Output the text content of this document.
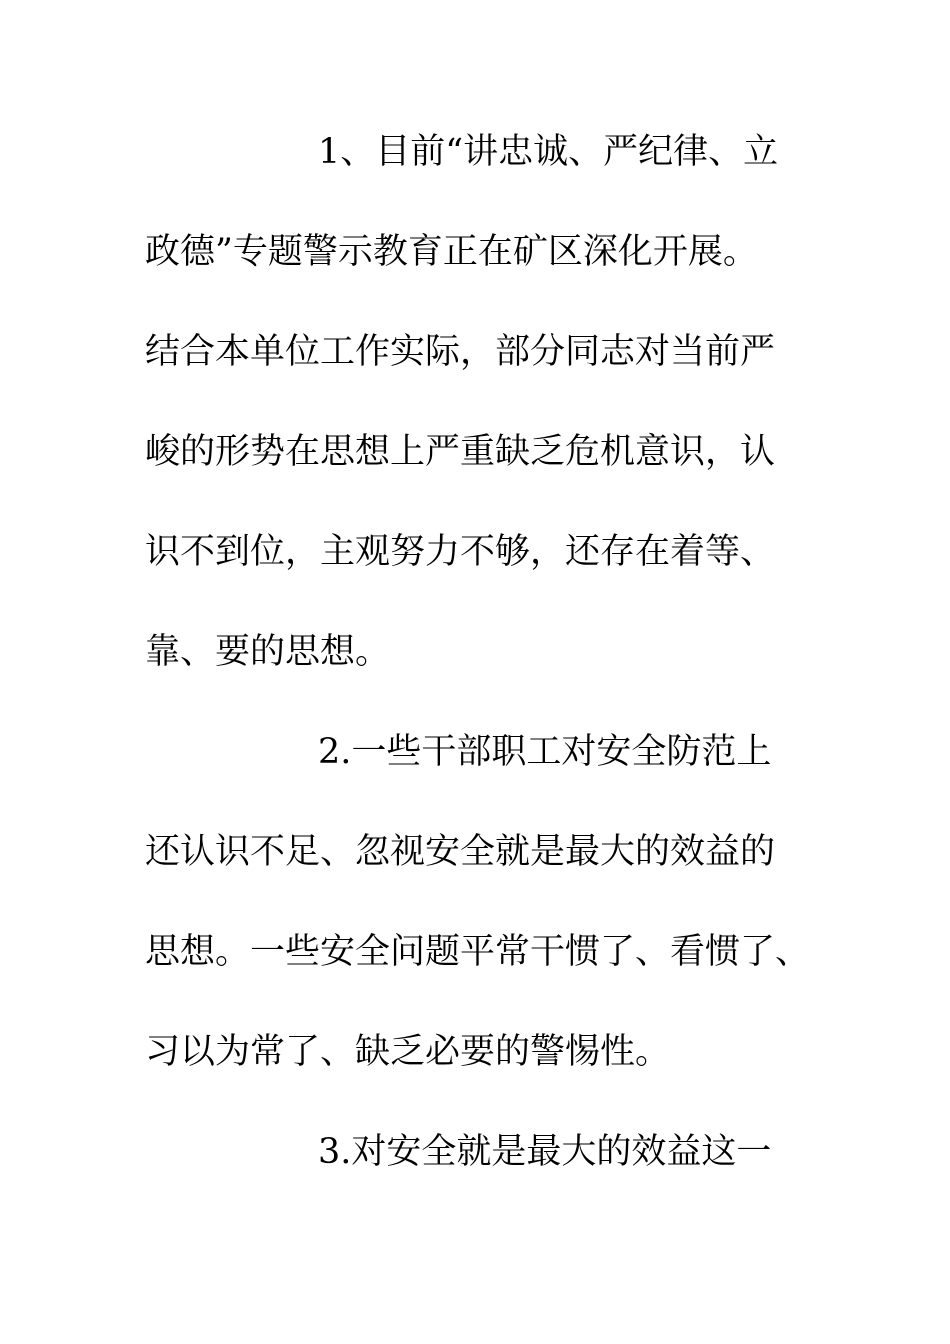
1、目前“讲忠诚、严纪律、立
政德”专题警示教育正在矿区深化开展。
结合本单位工作实际，部分同志对当前严
峻的形势在思想上严重缺乏危机意识，认
识不到位，主观努力不够，还存在着等、
靠、要的思想。
2.一些干部职工对安全防范上
还认识不足、忽视安全就是最大的效益的
思想。一些安全问题平常干惯了、看惯了、
习以为常了、缺乏必要的警惕性。
3.对安全就是最大的效益这一
